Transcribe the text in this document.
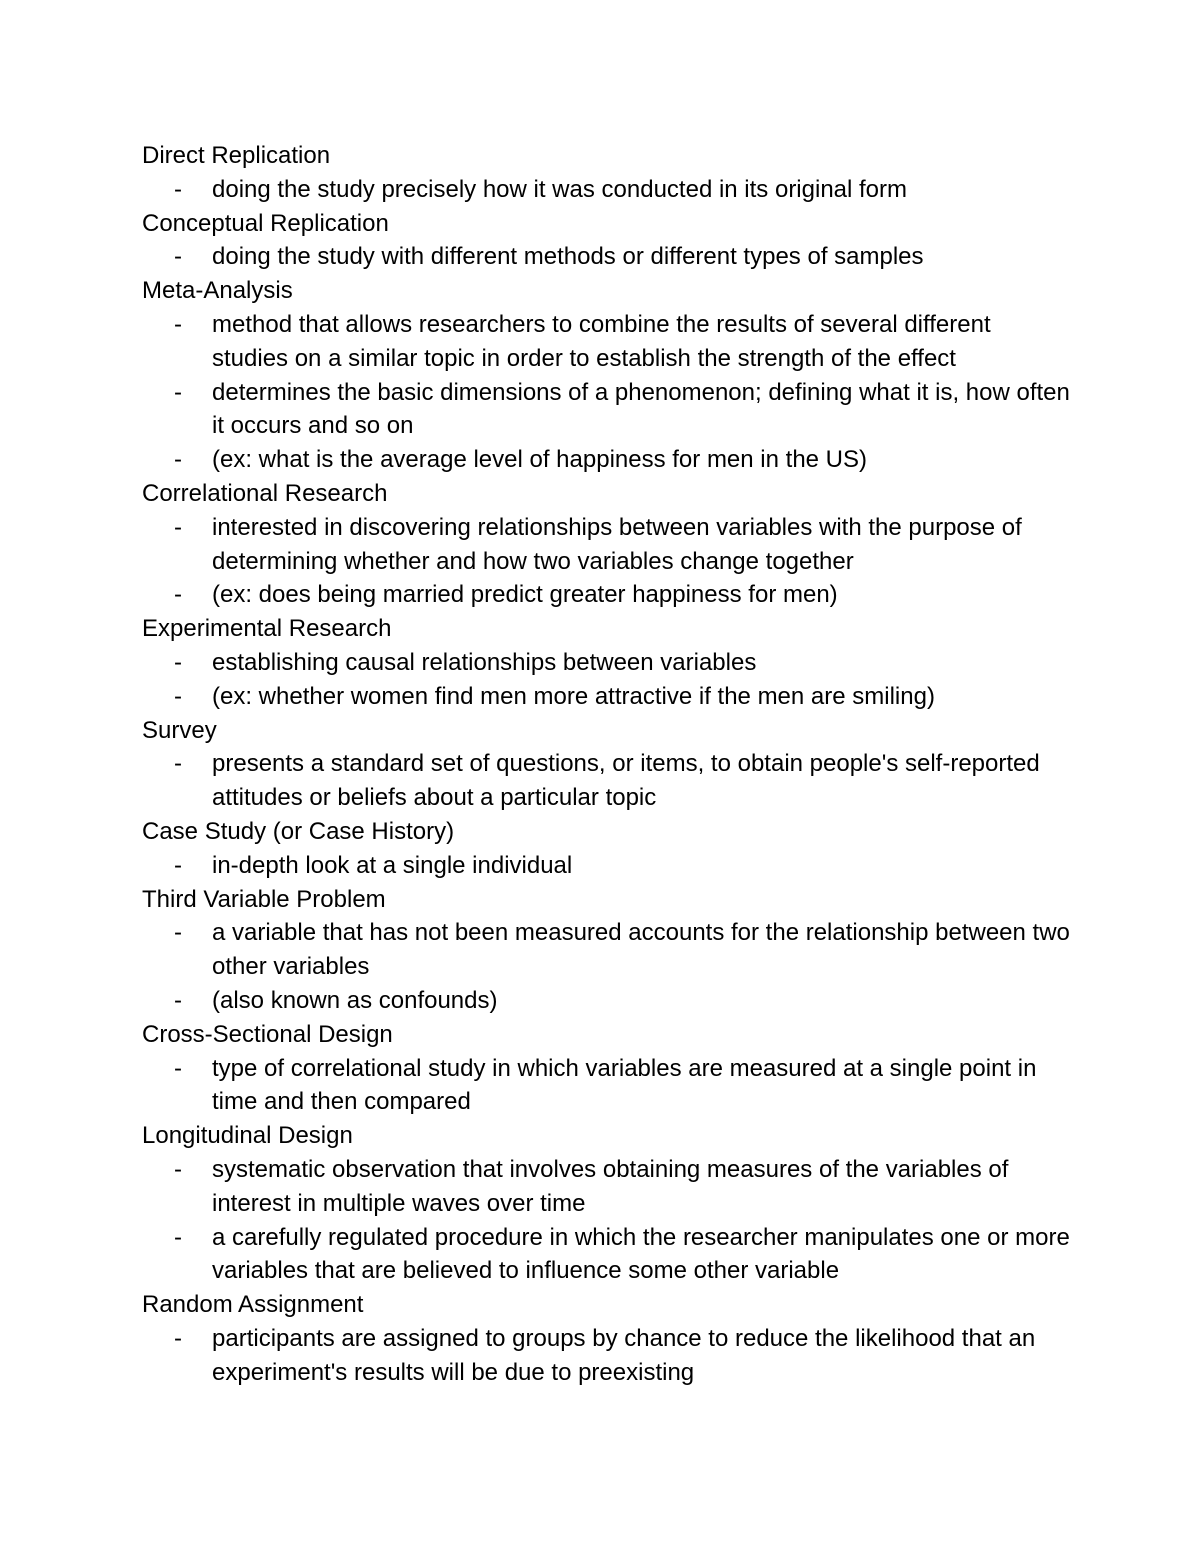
Direct Replication
- doing the study precisely how it was conducted in its original form
Conceptual Replication
- doing the study with different methods or different types of samples
Meta-Analysis
- method that allows researchers to combine the results of several different studies on a similar topic in order to establish the strength of the effect
- determines the basic dimensions of a phenomenon; defining what it is, how often it occurs and so on
- (ex: what is the average level of happiness for men in the US)
Correlational Research
- interested in discovering relationships between variables with the purpose of determining whether and how two variables change together
- (ex: does being married predict greater happiness for men)
Experimental Research
- establishing causal relationships between variables
- (ex: whether women find men more attractive if the men are smiling)
Survey
- presents a standard set of questions, or items, to obtain people's self-reported attitudes or beliefs about a particular topic
Case Study (or Case History)
- in-depth look at a single individual
Third Variable Problem
- a variable that has not been measured accounts for the relationship between two other variables
- (also known as confounds)
Cross-Sectional Design
- type of correlational study in which variables are measured at a single point in time and then compared
Longitudinal Design
- systematic observation that involves obtaining measures of the variables of interest in multiple waves over time
- a carefully regulated procedure in which the researcher manipulates one or more variables that are believed to influence some other variable
Random Assignment
- participants are assigned to groups by chance to reduce the likelihood that an experiment's results will be due to preexisting
